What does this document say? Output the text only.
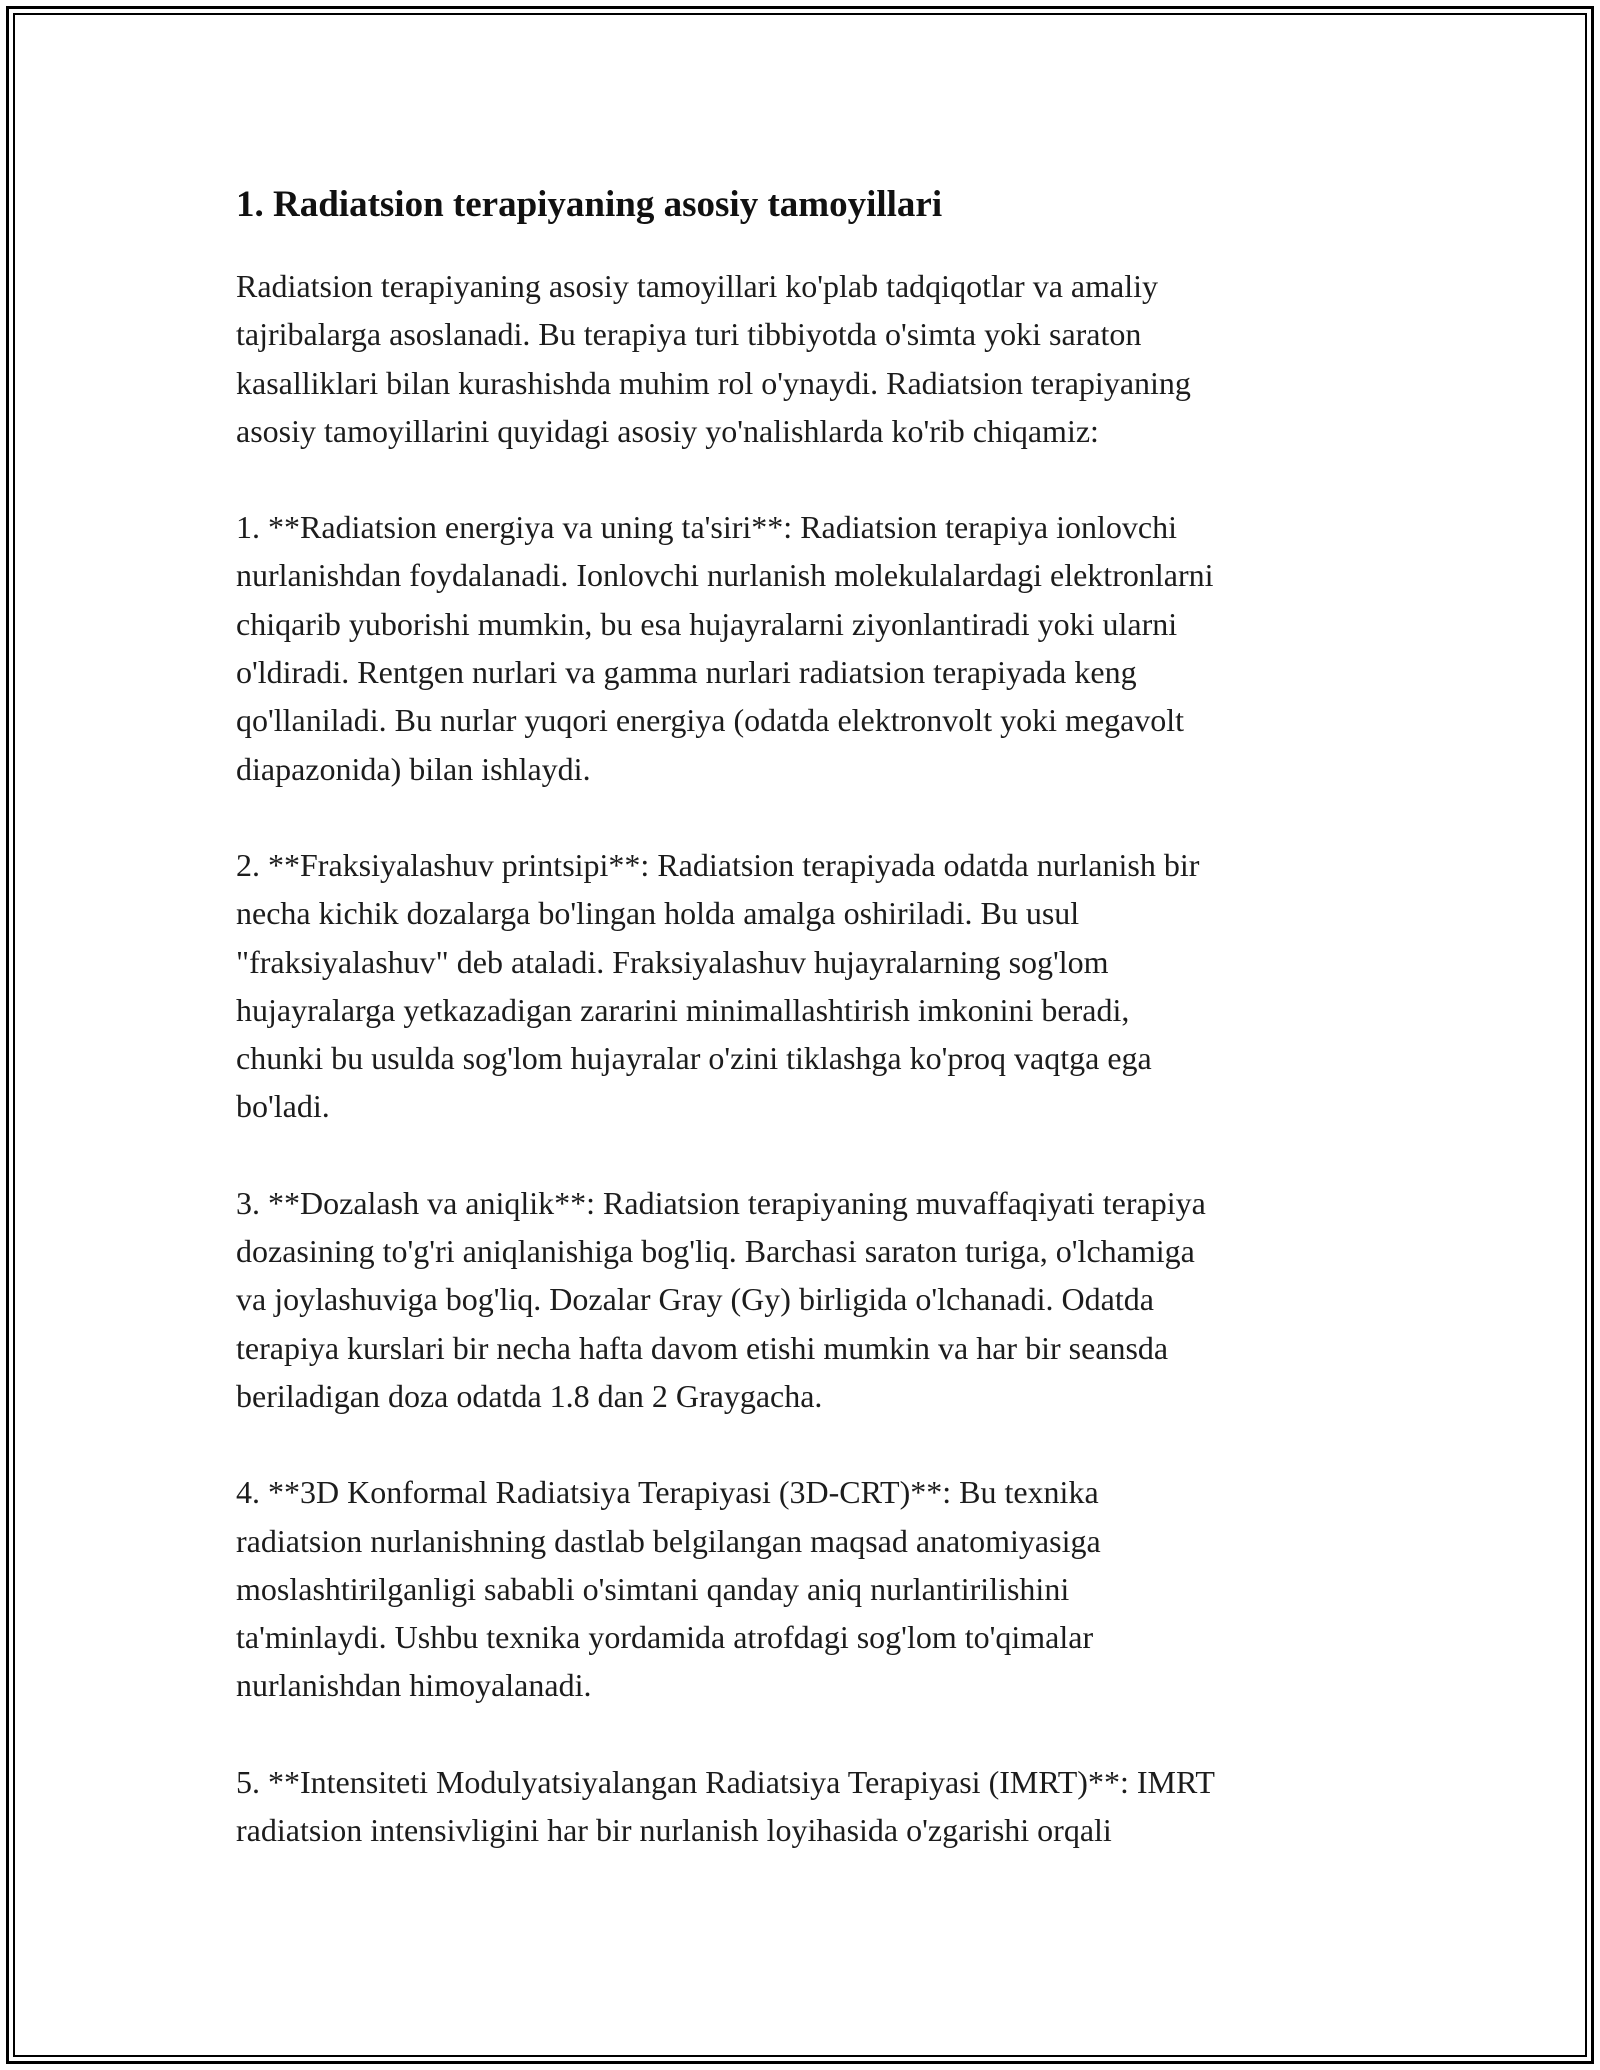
1. Radiatsion terapiyaning asosiy tamoyillari

Radiatsion terapiyaning asosiy tamoyillari ko'plab tadqiqotlar va amaliy
tajribalarga asoslanadi. Bu terapiya turi tibbiyotda o'simta yoki saraton
kasalliklari bilan kurashishda muhim rol o'ynaydi. Radiatsion terapiyaning
asosiy tamoyillarini quyidagi asosiy yo'nalishlarda ko'rib chiqamiz:

1. **Radiatsion energiya va uning ta'siri**: Radiatsion terapiya ionlovchi
nurlanishdan foydalanadi. Ionlovchi nurlanish molekulalardagi elektronlarni
chiqarib yuborishi mumkin, bu esa hujayralarni ziyonlantiradi yoki ularni
o'ldiradi. Rentgen nurlari va gamma nurlari radiatsion terapiyada keng
qo'llaniladi. Bu nurlar yuqori energiya (odatda elektronvolt yoki megavolt
diapazonida) bilan ishlaydi.

2. **Fraksiyalashuv printsipi**: Radiatsion terapiyada odatda nurlanish bir
necha kichik dozalarga bo'lingan holda amalga oshiriladi. Bu usul
"fraksiyalashuv" deb ataladi. Fraksiyalashuv hujayralarning sog'lom
hujayralarga yetkazadigan zararini minimallashtirish imkonini beradi,
chunki bu usulda sog'lom hujayralar o'zini tiklashga ko'proq vaqtga ega
bo'ladi.

3. **Dozalash va aniqlik**: Radiatsion terapiyaning muvaffaqiyati terapiya
dozasining to'g'ri aniqlanishiga bog'liq. Barchasi saraton turiga, o'lchamiga
va joylashuviga bog'liq. Dozalar Gray (Gy) birligida o'lchanadi. Odatda
terapiya kurslari bir necha hafta davom etishi mumkin va har bir seansda
beriladigan doza odatda 1.8 dan 2 Graygacha.

4. **3D Konformal Radiatsiya Terapiyasi (3D-CRT)**: Bu texnika
radiatsion nurlanishning dastlab belgilangan maqsad anatomiyasiga
moslashtirilganligi sababli o'simtani qanday aniq nurlantirilishini
ta'minlaydi. Ushbu texnika yordamida atrofdagi sog'lom to'qimalar
nurlanishdan himoyalanadi.

5. **Intensiteti Modulyatsiyalangan Radiatsiya Terapiyasi (IMRT)**: IMRT
radiatsion intensivligini har bir nurlanish loyihasida o'zgarishi orqali
